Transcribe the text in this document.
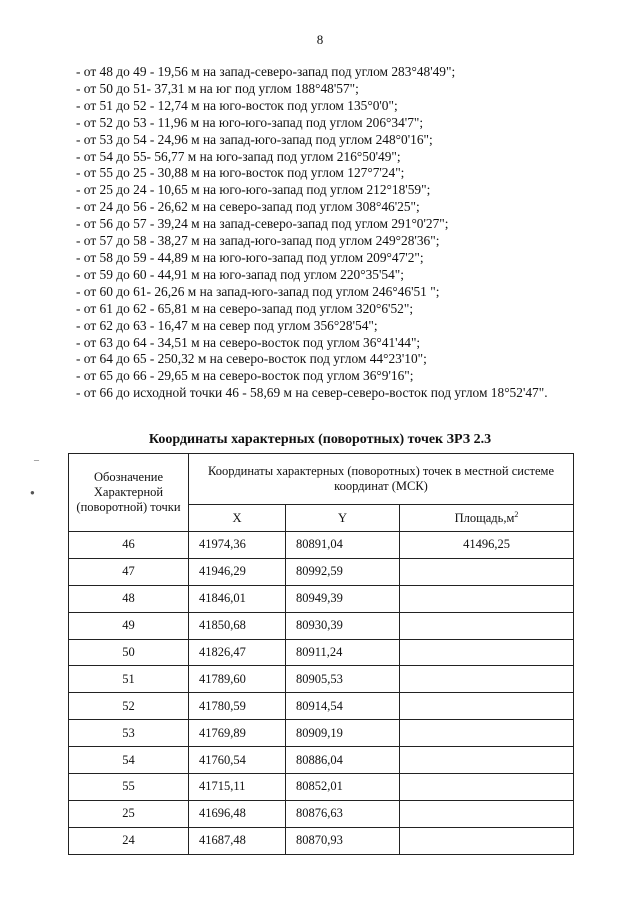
8
–
●
- от 48 до 49 - 19,56 м на запад-северо-запад под углом 283°48'49";
- от 50 до 51- 37,31 м на юг под углом 188°48'57";
- от 51 до 52 - 12,74 м на юго-восток под углом 135°0'0";
- от 52 до 53 - 11,96 м на юго-юго-запад под углом 206°34'7";
- от 53 до 54 - 24,96 м на запад-юго-запад под углом 248°0'16";
- от 54 до 55- 56,77 м на юго-запад под углом 216°50'49";
- от 55 до 25 - 30,88 м на юго-восток под углом 127°7'24";
- от 25 до 24 - 10,65 м на юго-юго-запад под углом 212°18'59";
- от 24 до 56 - 26,62 м на северо-запад под углом 308°46'25";
- от 56 до 57 - 39,24 м на запад-северо-запад под углом 291°0'27";
- от 57 до 58 - 38,27 м на запад-юго-запад под углом 249°28'36";
- от 58 до 59 - 44,89 м на юго-юго-запад под углом 209°47'2";
- от 59 до 60 - 44,91 м на юго-запад под углом 220°35'54";
- от 60 до 61- 26,26 м на запад-юго-запад под углом 246°46'51 ";
- от 61 до 62 - 65,81 м на северо-запад под углом 320°6'52";
- от 62 до 63 - 16,47 м на север под углом 356°28'54";
- от 63 до 64 - 34,51 м на северо-восток под углом 36°41'44";
- от 64 до 65 - 250,32 м на северо-восток под углом 44°23'10";
- от 65 до 66 - 29,65 м на северо-восток под углом 36°9'16";
- от 66 до исходной точки 46 - 58,69 м на север-северо-восток под углом 18°52'47".
Координаты характерных (поворотных) точек ЗРЗ 2.3
Обозначение Характерной (поворотной) точки	Координаты характерных (поворотных) точек в местной системе координат (МСК)		
	X	Y	$Площадь,м^2$
46	41974,36	80891,04	41496,25
47	41946,29	80992,59	
48	41846,01	80949,39	
49	41850,68	80930,39	
50	41826,47	80911,24	
51	41789,60	80905,53	
52	41780,59	80914,54	
53	41769,89	80909,19	
54	41760,54	80886,04	
55	41715,11	80852,01	
25	41696,48	80876,63	
24	41687,48	80870,93	
